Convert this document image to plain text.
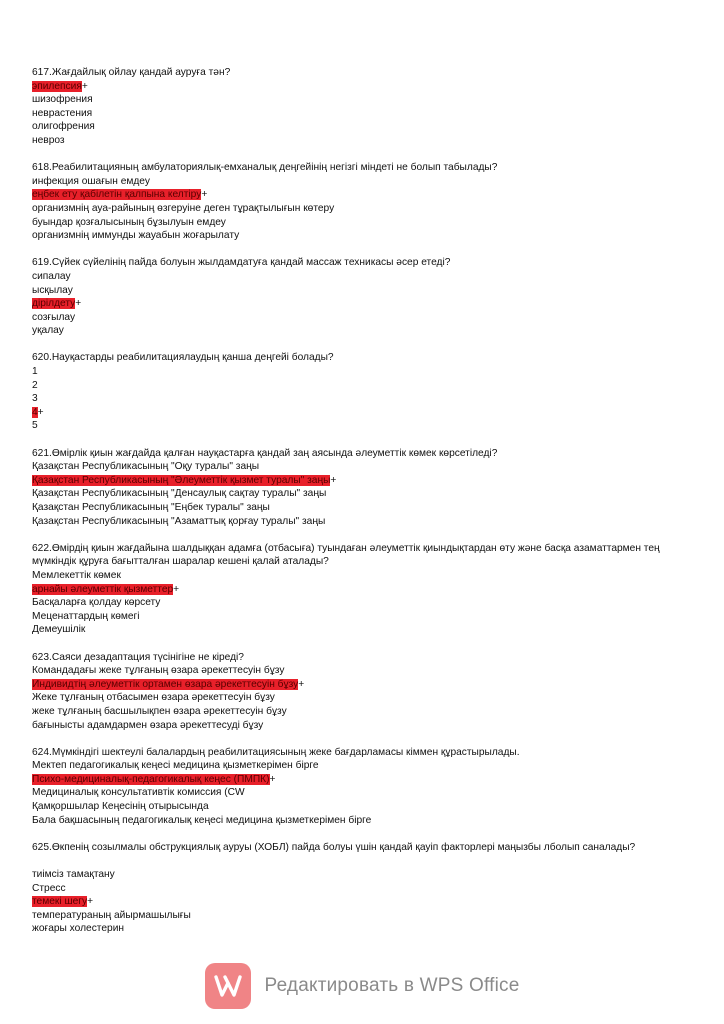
617.Жағдайлық ойлау қандай ауруға тән?
эпилепсия+
шизофрения
неврастения
олигофрения
невроз
618.Реабилитацияның амбулаториялық-емханалық деңгейінің негізгі міндеті не болып табылады?
инфекция ошағын емдеу
еңбек ету қабілетін қалпына келтіру+
организмнің ауа-райының өзгеруіне деген тұрақтылығын көтеру
буындар қозғалысының бұзылуын емдеу
организмнің иммунды жауабын жоғарылату
619.Сүйек сүйелінің пайда болуын жылдамдатуға қандай массаж техникасы әсер етеді?
сипалау
ысқылау
дірілдету+
созғылау
уқалау
620.Науқастарды реабилитациялаудың қанша деңгейі болады?
1
2
3
4+
5
621.Өмірлік қиын жағдайда қалған науқастарға қандай заң аясында әлеуметтік көмек көрсетіледі?
Қазақстан Республикасының "Оқу туралы" заңы
Қазақстан Республикасының "Әлеуметтік қызмет туралы" заңы+
Қазақстан Республикасының "Денсаулық сақтау туралы" заңы
Қазақстан Республикасының "Еңбек туралы" заңы
Қазақстан Республикасының "Азаматтық қорғау туралы" заңы
622.Өмірдің қиын жағдайына шалдыққан адамға (отбасыға) туындаған әлеуметтік қиындықтардан өту және басқа азаматтармен тең мүмкіндік құруға бағытталған шаралар кешені қалай аталады?
Мемлекеттік көмек
арнайы әлеуметтік қызметтер+
Басқаларға қолдау көрсету
Меценаттардың көмегі
Демеушілік
623.Саяси дезадаптация түсінігіне не кіреді?
Командадағы жеке тұлғаның өзара әрекеттесуін бұзу
Индивидтің әлеуметтік ортамен өзара әрекеттесуін бұзу+
Жеке тұлғаның отбасымен өзара әрекеттесуін бұзу
жеке тұлғаның басшылықпен өзара әрекеттесуін бұзу
бағынысты адамдармен өзара әрекеттесуді бұзу
624.Мүмкіндігі шектеулі балалардың реабилитациясының жеке бағдарламасы кіммен құрастырылады.
Мектеп педагогикалық кеңесі медицина қызметкерімен бірге
Психо-медициналық-педагогикалық кеңес (ПМПК)+
Медициналық консультативтік комиссия (СW
Қамқоршылар Кеңесінің отырысында
Бала бақшасының педагогикалық кеңесі медицина қызметкерімен бірге
625.Өкпенің созылмалы обструкциялық ауруы (ХОБЛ) пайда болуы үшін қандай қауіп факторлері маңызбы лболып саналады?
тиімсіз тамақтану
Стресс
темекі шегу+
температураның айырмашылығы
жоғары холестерин
Редактировать в WPS Office
